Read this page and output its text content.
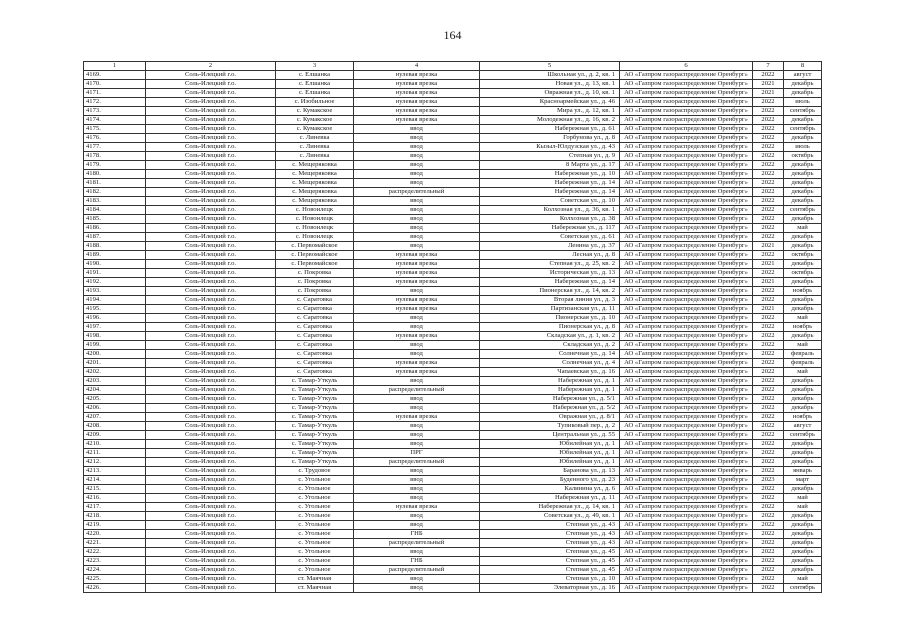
164
1	2	3	4	5	6	7	8
4169.	Соль-Илецкий г.о.	с. Елшанка	нулевая врезка	Школьная ул., д. 2, кв. 1	АО «Газпром газораспределение Оренбург»	2022	август
4170.	Соль-Илецкий г.о.	с. Елшанка	нулевая врезка	Новая ул., д. 13, кв. 1	АО «Газпром газораспределение Оренбург»	2021	декабрь
4171.	Соль-Илецкий г.о.	с. Елшанка	нулевая врезка	Овражная ул., д. 10, кв. 1	АО «Газпром газораспределение Оренбург»	2021	декабрь
4172.	Соль-Илецкий г.о.	с. Изобильное	нулевая врезка	Красноармейская ул., д. 46	АО «Газпром газораспределение Оренбург»	2022	июль
4173.	Соль-Илецкий г.о.	с. Кумакское	нулевая врезка	Мира ул., д. 12, кв. 1	АО «Газпром газораспределение Оренбург»	2022	сентябрь
4174.	Соль-Илецкий г.о.	с. Кумакское	нулевая врезка	Молодежная ул., д. 16, кв. 2	АО «Газпром газораспределение Оренбург»	2022	декабрь
4175.	Соль-Илецкий г.о.	с. Кумакское	ввод	Набережная ул., д. 61	АО «Газпром газораспределение Оренбург»	2022	сентябрь
4176.	Соль-Илецкий г.о.	с. Линевка	ввод	Горбунова ул., д. 8	АО «Газпром газораспределение Оренбург»	2022	декабрь
4177.	Соль-Илецкий г.о.	с. Линевка	ввод	Кызыл-Юлдузская ул., д. 43	АО «Газпром газораспределение Оренбург»	2022	июль
4178.	Соль-Илецкий г.о.	с. Линевка	ввод	Степная ул., д. 9	АО «Газпром газораспределение Оренбург»	2022	октябрь
4179.	Соль-Илецкий г.о.	с. Мещеряковка	ввод	8 Марта ул., д. 17	АО «Газпром газораспределение Оренбург»	2022	декабрь
4180.	Соль-Илецкий г.о.	с. Мещеряковка	ввод	Набережная ул., д. 10	АО «Газпром газораспределение Оренбург»	2022	декабрь
4181.	Соль-Илецкий г.о.	с. Мещеряковка	ввод	Набережная ул., д. 14	АО «Газпром газораспределение Оренбург»	2022	декабрь
4182.	Соль-Илецкий г.о.	с. Мещеряковка	распределительный	Набережная ул., д. 14	АО «Газпром газораспределение Оренбург»	2022	декабрь
4183.	Соль-Илецкий г.о.	с. Мещеряковка	ввод	Советская ул., д. 10	АО «Газпром газораспределение Оренбург»	2022	декабрь
4184.	Соль-Илецкий г.о.	с. Новоилецк	ввод	Колхозная ул., д. 36, кв. 1	АО «Газпром газораспределение Оренбург»	2022	сентябрь
4185.	Соль-Илецкий г.о.	с. Новоилецк	ввод	Колхозная ул., д. 38	АО «Газпром газораспределение Оренбург»	2022	декабрь
4186.	Соль-Илецкий г.о.	с. Новоилецк	ввод	Набережная ул., д. 117	АО «Газпром газораспределение Оренбург»	2022	май
4187.	Соль-Илецкий г.о.	с. Новоилецк	ввод	Советская ул., д. 61	АО «Газпром газораспределение Оренбург»	2022	декабрь
4188.	Соль-Илецкий г.о.	с. Первомайское	ввод	Ленина ул., д. 37	АО «Газпром газораспределение Оренбург»	2021	декабрь
4189.	Соль-Илецкий г.о.	с. Первомайское	нулевая врезка	Лесная ул., д. 8	АО «Газпром газораспределение Оренбург»	2022	октябрь
4190.	Соль-Илецкий г.о.	с. Первомайское	нулевая врезка	Степная ул., д. 25, кв. 2	АО «Газпром газораспределение Оренбург»	2021	декабрь
4191.	Соль-Илецкий г.о.	с. Покровка	нулевая врезка	Историческая ул., д. 13	АО «Газпром газораспределение Оренбург»	2022	октябрь
4192.	Соль-Илецкий г.о.	с. Покровка	нулевая врезка	Набережная ул., д. 14	АО «Газпром газораспределение Оренбург»	2021	декабрь
4193.	Соль-Илецкий г.о.	с. Покровка	ввод	Пионерская ул., д. 14, кв. 2	АО «Газпром газораспределение Оренбург»	2022	ноябрь
4194.	Соль-Илецкий г.о.	с. Саратовка	нулевая врезка	Вторая линия ул., д. 3	АО «Газпром газораспределение Оренбург»	2022	декабрь
4195.	Соль-Илецкий г.о.	с. Саратовка	нулевая врезка	Партизанская ул., д. 11	АО «Газпром газораспределение Оренбург»	2021	декабрь
4196.	Соль-Илецкий г.о.	с. Саратовка	ввод	Пионерская ул., д. 10	АО «Газпром газораспределение Оренбург»	2022	май
4197.	Соль-Илецкий г.о.	с. Саратовка	ввод	Пионерская ул., д. 8	АО «Газпром газораспределение Оренбург»	2022	ноябрь
4198.	Соль-Илецкий г.о.	с. Саратовка	нулевая врезка	Складская ул., д. 1, кв. 2	АО «Газпром газораспределение Оренбург»	2022	декабрь
4199.	Соль-Илецкий г.о.	с. Саратовка	ввод	Складская ул., д. 2	АО «Газпром газораспределение Оренбург»	2022	май
4200.	Соль-Илецкий г.о.	с. Саратовка	ввод	Солнечная ул., д. 14	АО «Газпром газораспределение Оренбург»	2022	февраль
4201.	Соль-Илецкий г.о.	с. Саратовка	нулевая врезка	Солнечная ул., д. 4	АО «Газпром газораспределение Оренбург»	2022	февраль
4202.	Соль-Илецкий г.о.	с. Саратовка	нулевая врезка	Чапаевская ул., д. 16	АО «Газпром газораспределение Оренбург»	2022	май
4203.	Соль-Илецкий г.о.	с. Тамар-Уткуль	ввод	Набережная ул., д. 1	АО «Газпром газораспределение Оренбург»	2022	декабрь
4204.	Соль-Илецкий г.о.	с. Тамар-Уткуль	распределительный	Набережная ул., д. 1	АО «Газпром газораспределение Оренбург»	2022	декабрь
4205.	Соль-Илецкий г.о.	с. Тамар-Уткуль	ввод	Набережная ул., д. 5/1	АО «Газпром газораспределение Оренбург»	2022	декабрь
4206.	Соль-Илецкий г.о.	с. Тамар-Уткуль	ввод	Набережная ул., д. 5/2	АО «Газпром газораспределение Оренбург»	2022	декабрь
4207.	Соль-Илецкий г.о.	с. Тамар-Уткуль	нулевая врезка	Овражная ул., д. 8/1	АО «Газпром газораспределение Оренбург»	2022	ноябрь
4208.	Соль-Илецкий г.о.	с. Тамар-Уткуль	ввод	Тупиковый пер., д. 2	АО «Газпром газораспределение Оренбург»	2022	август
4209.	Соль-Илецкий г.о.	с. Тамар-Уткуль	ввод	Центральная ул., д. 55	АО «Газпром газораспределение Оренбург»	2022	сентябрь
4210.	Соль-Илецкий г.о.	с. Тамар-Уткуль	ввод	Юбилейная ул., д. 1	АО «Газпром газораспределение Оренбург»	2022	декабрь
4211.	Соль-Илецкий г.о.	с. Тамар-Уткуль	ПРГ	Юбилейная ул., д. 1	АО «Газпром газораспределение Оренбург»	2022	декабрь
4212.	Соль-Илецкий г.о.	с. Тамар-Уткуль	распределительный	Юбилейная ул., д. 1	АО «Газпром газораспределение Оренбург»	2022	декабрь
4213.	Соль-Илецкий г.о.	с. Трудовое	ввод	Баранова ул., д. 13	АО «Газпром газораспределение Оренбург»	2022	январь
4214.	Соль-Илецкий г.о.	с. Угольное	ввод	Буденного ул., д. 23	АО «Газпром газораспределение Оренбург»	2023	март
4215.	Соль-Илецкий г.о.	с. Угольное	ввод	Калинина ул., д. 6	АО «Газпром газораспределение Оренбург»	2022	декабрь
4216.	Соль-Илецкий г.о.	с. Угольное	ввод	Набережная ул., д. 11	АО «Газпром газораспределение Оренбург»	2022	май
4217.	Соль-Илецкий г.о.	с. Угольное	нулевая врезка	Набережная ул., д. 14, кв. 1	АО «Газпром газораспределение Оренбург»	2022	май
4218.	Соль-Илецкий г.о.	с. Угольное	ввод	Советская ул., д. 49, кв. 1	АО «Газпром газораспределение Оренбург»	2022	декабрь
4219.	Соль-Илецкий г.о.	с. Угольное	ввод	Степная ул., д. 43	АО «Газпром газораспределение Оренбург»	2022	декабрь
4220.	Соль-Илецкий г.о.	с. Угольное	ГНБ	Степная ул., д. 43	АО «Газпром газораспределение Оренбург»	2022	декабрь
4221.	Соль-Илецкий г.о.	с. Угольное	распределительный	Степная ул., д. 43	АО «Газпром газораспределение Оренбург»	2022	декабрь
4222.	Соль-Илецкий г.о.	с. Угольное	ввод	Степная ул., д. 45	АО «Газпром газораспределение Оренбург»	2022	декабрь
4223.	Соль-Илецкий г.о.	с. Угольное	ГНБ	Степная ул., д. 45	АО «Газпром газораспределение Оренбург»	2022	декабрь
4224.	Соль-Илецкий г.о.	с. Угольное	распределительный	Степная ул., д. 45	АО «Газпром газораспределение Оренбург»	2022	декабрь
4225.	Соль-Илецкий г.о.	ст. Маячная	ввод	Степная ул., д. 10	АО «Газпром газораспределение Оренбург»	2022	май
4226.	Соль-Илецкий г.о.	ст. Маячная	ввод	Элеваторная ул., д. 16	АО «Газпром газораспределение Оренбург»	2022	сентябрь
